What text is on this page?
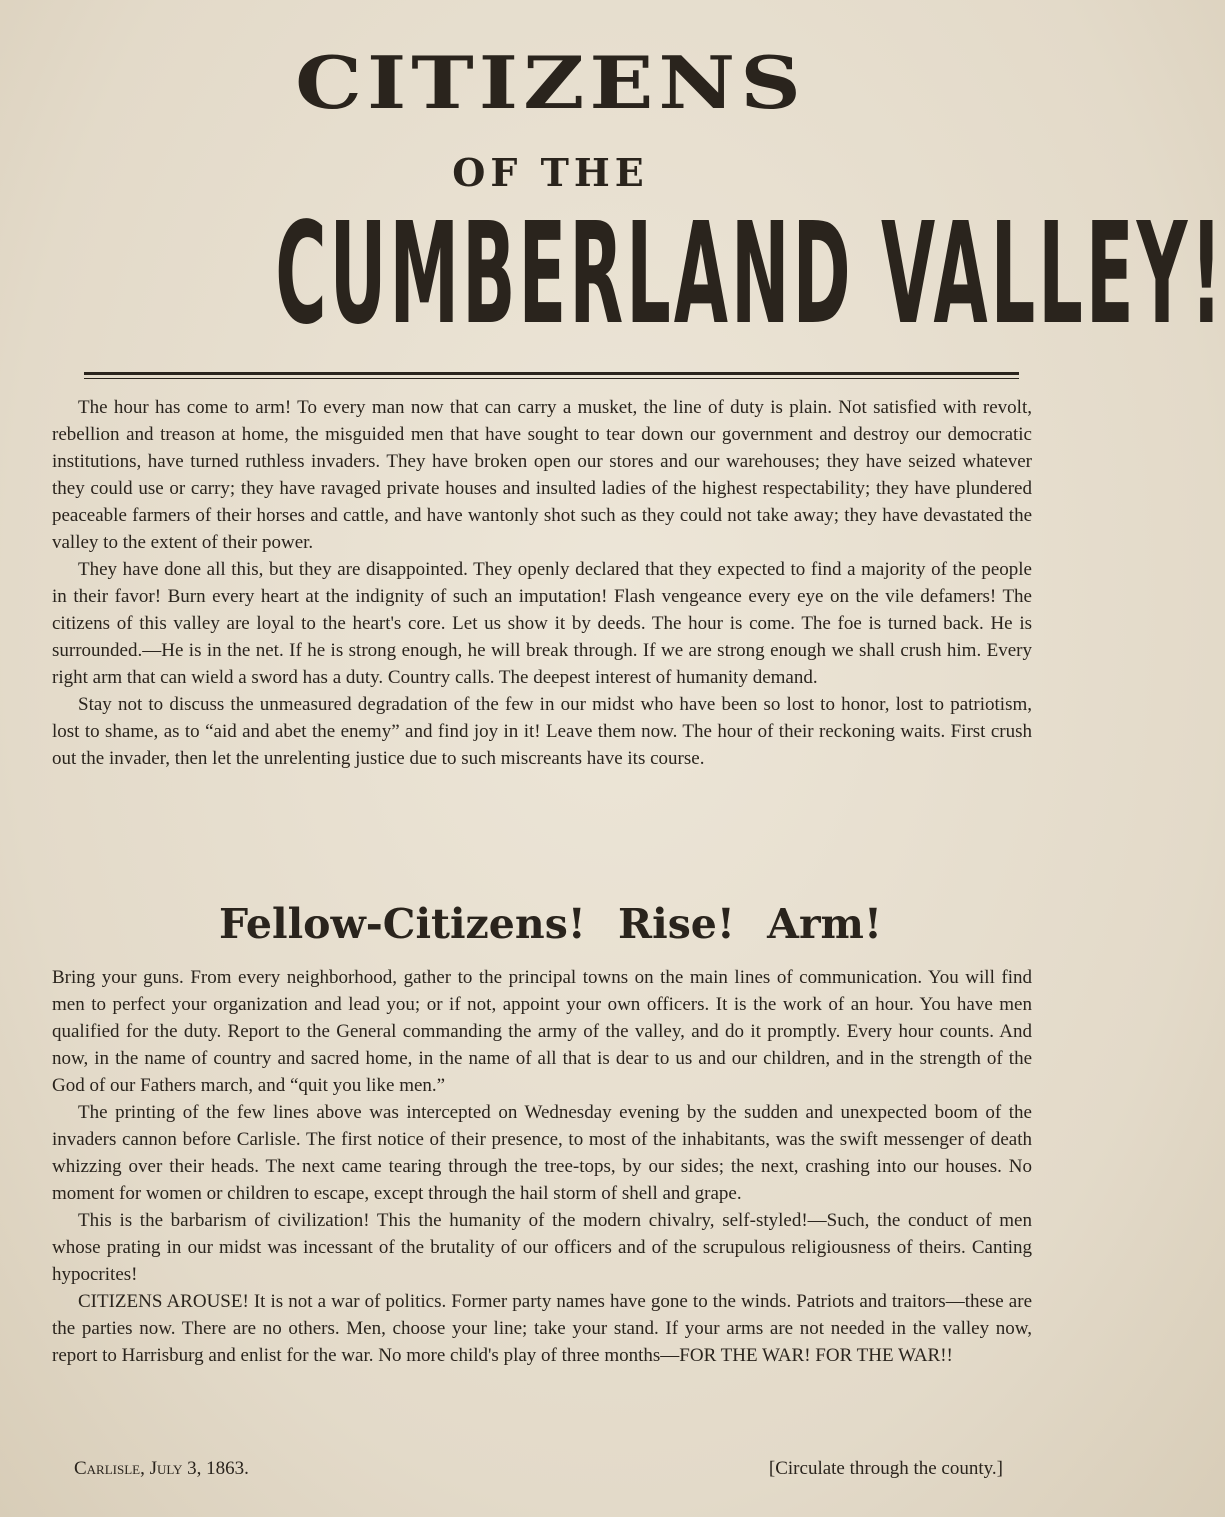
CITIZENS
OF THE
CUMBERLAND VALLEY!

The hour has come to arm! To every man now that can carry a musket, the line of duty is plain. Not satisfied with revolt, rebellion and treason at home, the misguided men that have sought to tear down our government and destroy our democratic institutions, have turned ruthless invaders. They have broken open our stores and our warehouses; they have seized whatever they could use or carry; they have ravaged private houses and insulted ladies of the highest respectability; they have plundered peaceable farmers of their horses and cattle, and have wantonly shot such as they could not take away; they have devastated the valley to the extent of their power.

They have done all this, but they are disappointed. They openly declared that they expected to find a majority of the people in their favor! Burn every heart at the indignity of such an imputation! Flash vengeance every eye on the vile defamers! The citizens of this valley are loyal to the heart's core. Let us show it by deeds. The hour is come. The foe is turned back. He is surrounded.—He is in the net. If he is strong enough, he will break through. If we are strong enough we shall crush him. Every right arm that can wield a sword has a duty. Country calls. The deepest interest of humanity demand.

Stay not to discuss the unmeasured degradation of the few in our midst who have been so lost to honor, lost to patriotism, lost to shame, as to “aid and abet the enemy” and find joy in it! Leave them now. The hour of their reckoning waits. First crush out the invader, then let the unrelenting justice due to such miscreants have its course.

Fellow-Citizens! Rise! Arm!

Bring your guns. From every neighborhood, gather to the principal towns on the main lines of communication. You will find men to perfect your organization and lead you; or if not, appoint your own officers. It is the work of an hour. You have men qualified for the duty. Report to the General commanding the army of the valley, and do it promptly. Every hour counts. And now, in the name of country and sacred home, in the name of all that is dear to us and our children, and in the strength of the God of our Fathers march, and “quit you like men.”

The printing of the few lines above was intercepted on Wednesday evening by the sudden and unexpected boom of the invaders cannon before Carlisle. The first notice of their presence, to most of the inhabitants, was the swift messenger of death whizzing over their heads. The next came tearing through the tree-tops, by our sides; the next, crashing into our houses. No moment for women or children to escape, except through the hail storm of shell and grape.

This is the barbarism of civilization! This the humanity of the modern chivalry, self-styled!—Such, the conduct of men whose prating in our midst was incessant of the brutality of our officers and of the scrupulous religiousness of theirs. Canting hypocrites!

CITIZENS AROUSE! It is not a war of politics. Former party names have gone to the winds. Patriots and traitors—these are the parties now. There are no others. Men, choose your line; take your stand. If your arms are not needed in the valley now, report to Harrisburg and enlist for the war. No more child's play of three months—FOR THE WAR! FOR THE WAR!!

Carlisle, July 3, 1863.	[Circulate through the county.]
